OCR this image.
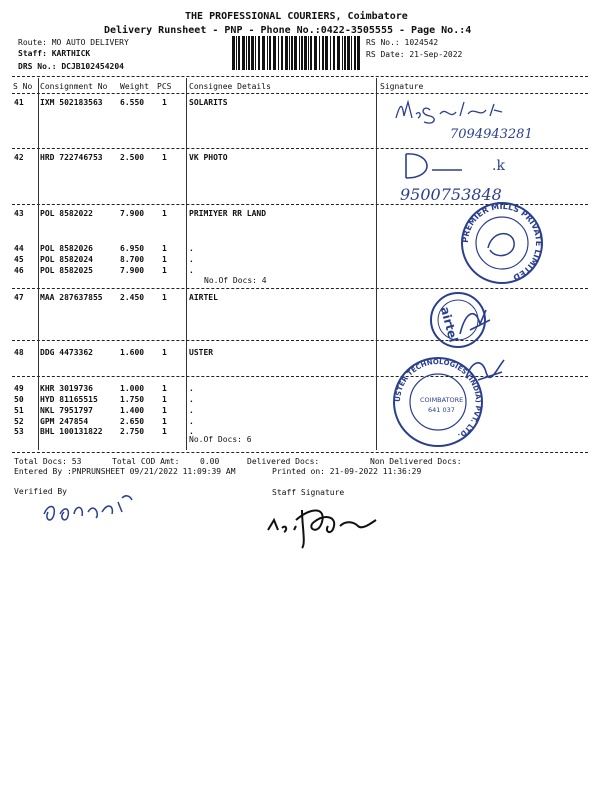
THE PROFESSIONAL COURIERS, Coimbatore
Delivery Runsheet - PNP - Phone No.:0422-3505555 - Page No.:4
Route: MO AUTO DELIVERY
Staff: KARTHICK
DRS No.: DCJB102454204
RS No.: 1024542
RS Date: 21-Sep-2022
S No Consignment No Weight PCS Consignee Details	Signature
41 IXM 502183563 6.550 1	SOLARITS
42 HRD 722746753 2.500 1	VK PHOTO
43 POL 8582022	7.900 1	PRIMIYER RR LAND
44 POL 8582026	6.950 1	.
45 POL 8582024	8.700 1	.
46 POL 8582025	7.900 1	.
47 MAA 287637855 2.450 1	AIRTEL
48 DDG 4473362	1.600 1	USTER
49 KHR 3019736	1.000 1	.
50 HYD 81165515	1.750 1	.
51 NKL 7951797	1.400 1	.
52 GPM 247854	2.650 1	.
53 BHL 100131822 2.750 1	.
No.Of Docs: 4
No.Of Docs: 6
7094943281
.k
9500753848
PREMIER MILLS PRIVATE LIMITED
airtel
USTER TECHNOLOGIES (INDIA) PVT. LTD.
COIMBATORE
641 037
Total Docs: 53	Total COD Amt:	0.00	Delivered Docs:	Non Delivered Docs:
Entered By :PNPRUNSHEET 09/21/2022 11:09:39 AM	Printed on: 21-09-2022 11:36:29
Verified By	Staff Signature
